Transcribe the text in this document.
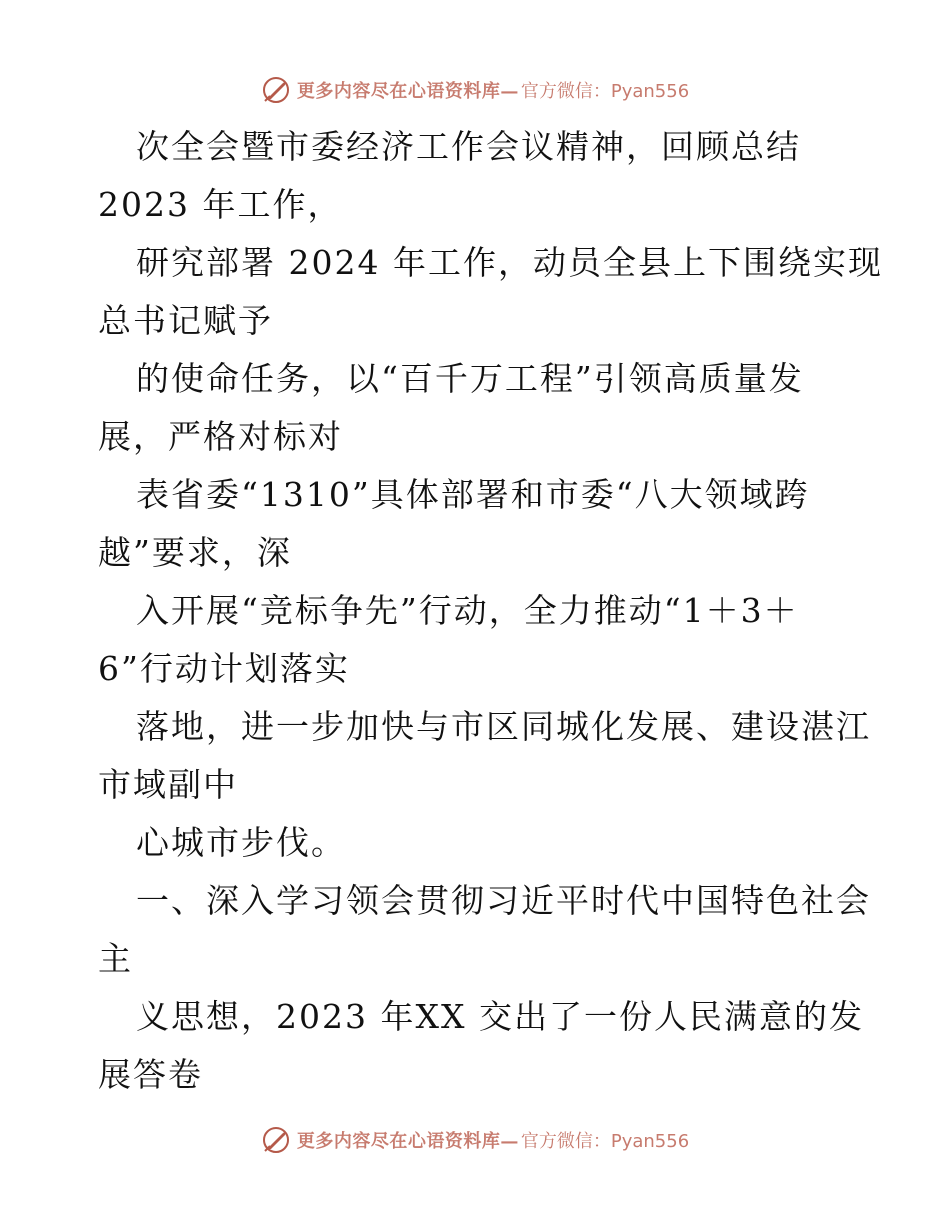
更多内容尽在心语资料库— 官方微信：Pyan556
次全会暨市委经济工作会议精神，回顾总结
2023 年工作，
研究部署 2024 年工作，动员全县上下围绕实现
总书记赋予
的使命任务，以“百千万工程”引领高质量发
展，严格对标对
表省委“1310”具体部署和市委“八大领域跨
越”要求，深
入开展“竞标争先”行动，全力推动“1＋3＋
6”行动计划落实
落地，进一步加快与市区同城化发展、建设湛江
市域副中
心城市步伐。
一、深入学习领会贯彻习近平时代中国特色社会
主
义思想，2023 年XX 交出了一份人民满意的发
展答卷
更多内容尽在心语资料库— 官方微信：Pyan556
